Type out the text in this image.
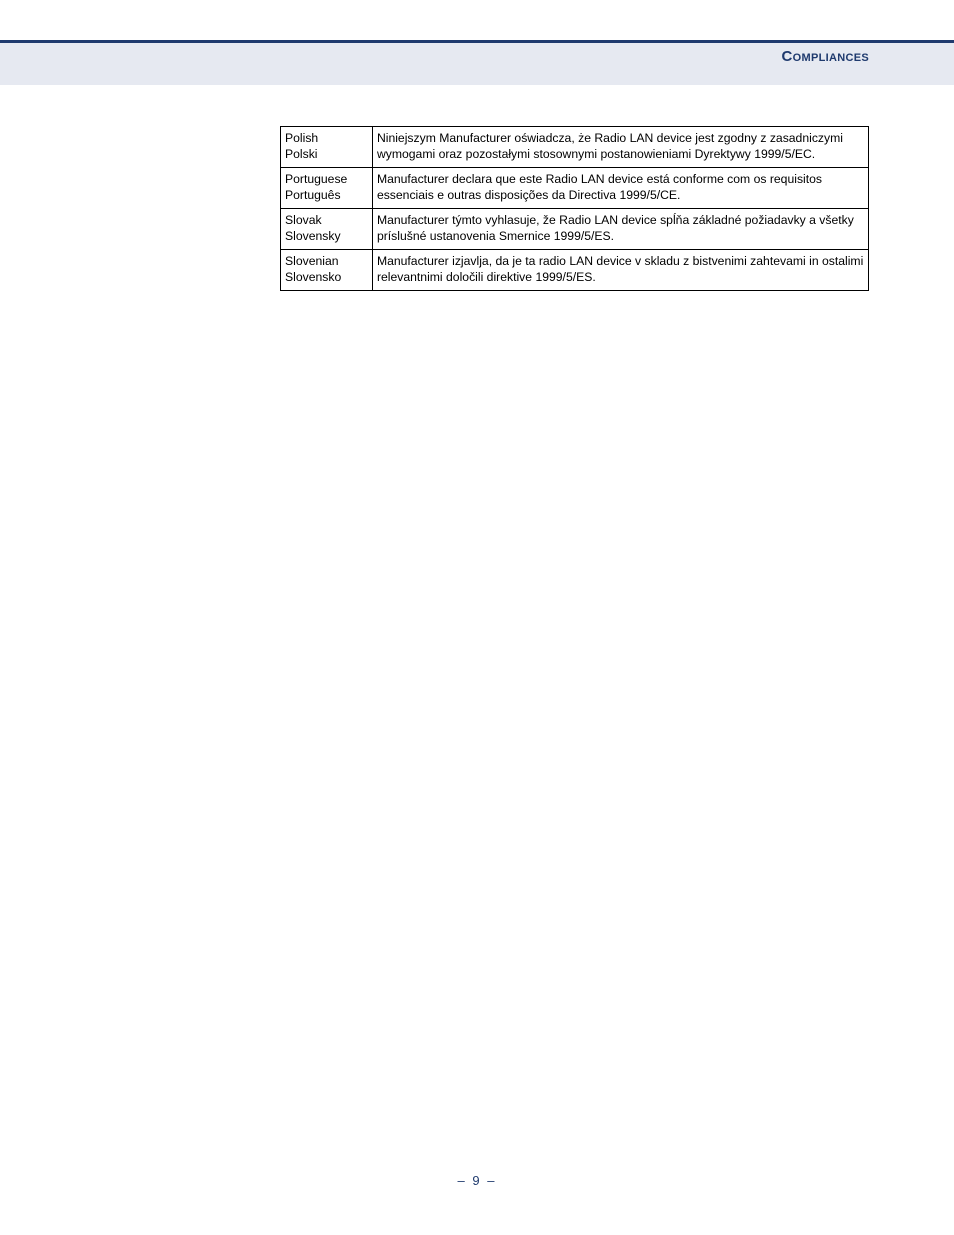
Compliances
Polish
Polski	Niniejszym Manufacturer oświadcza, że Radio LAN device jest zgodny z zasadniczymi wymogami oraz pozostałymi stosownymi postanowieniami Dyrektywy 1999/5/EC.

Portuguese
Português	Manufacturer declara que este Radio LAN device está conforme com os requisitos essenciais e outras disposições da Directiva 1999/5/CE.

Slovak
Slovensky	Manufacturer týmto vyhlasuje, že Radio LAN device spĺňa základné požiadavky a všetky príslušné ustanovenia Smernice 1999/5/ES.

Slovenian
Slovensko	Manufacturer izjavlja, da je ta radio LAN device v skladu z bistvenimi zahtevami in ostalimi relevantnimi določili direktive 1999/5/ES.
– 9 –
